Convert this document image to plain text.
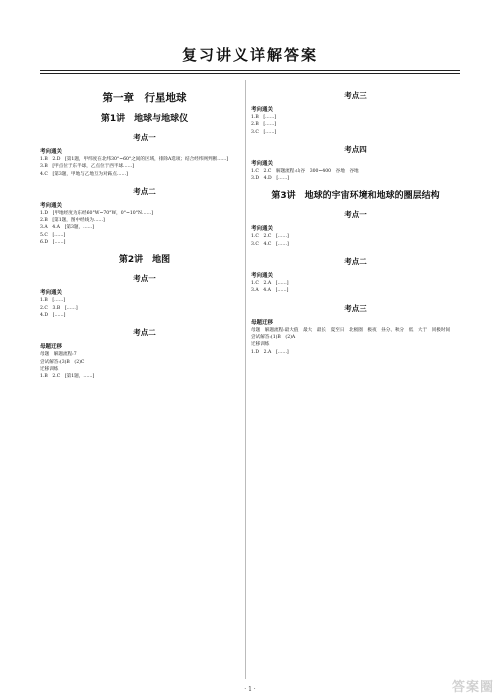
复习讲义详解答案
第一章　行星地球
第1讲　地球与地球仪
考点一
考向通关

1.B　2.D　[第1题，甲纬度在北纬30°~60°之间的区域，排除A选项；结合经纬网判断……]

3.B　[甲点位于东半球，乙点位于西半球……]

4.C　[第3题，甲地与乙地互为对跖点……]

考点二
考向通关

1.D　[甲地经度为东经60°W~70°W，0°~10°N……]

2.B　[第1题，图中经线为……]

3.A　4.A　[第3题，……]

5.C　[……]

6.D　[……]

第2讲　地图
考点一
考向通关

1.B　[……]

2.C　3.B　[……]

4.D　[……]

考点二
母题迁移

母题　解题流程:7

尝试解答:(3)B　(2)C

迁移训练

1.B　2.C　[第1题，……]

考点三
考向通关

1.B　[……]

2.B　[……]

3.C　[……]

考点四
考向通关

1.C　2.C　解题流程:山谷　300~400　谷地　谷地

3.D　4.D　[……]

第3讲　地球的宇宙环境和地球的圈层结构
考点一
考向通关

1.C　2.C　[……]

3.C　4.C　[……]

考点二
考向通关

1.C　2.A　[……]

3.A　4.A　[……]

考点三
母题迁移

母题　解题流程:最大值　最大　最长　夏至日　北极圈　极夜　昼分、秋分　低　大于　同极时间

尝试解答:(1)B　(2)A

迁移训练

1.D　2.A　[……]

· 1 ·	答案圈
